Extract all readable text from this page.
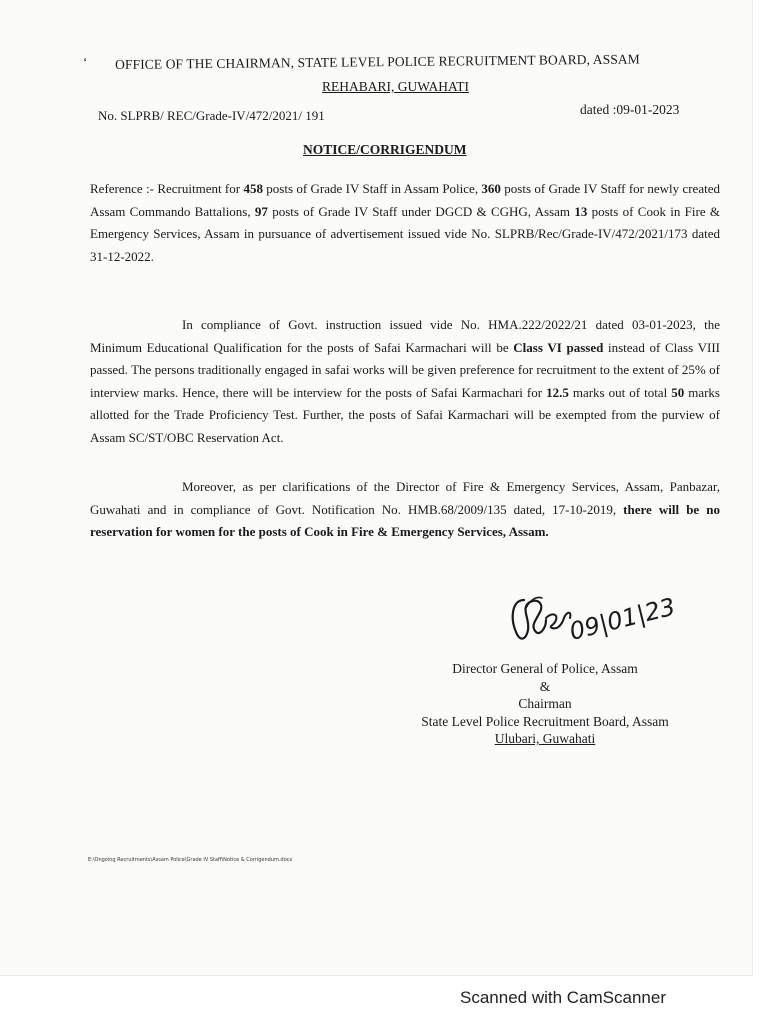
ʻ OFFICE OF THE CHAIRMAN, STATE LEVEL POLICE RECRUITMENT BOARD, ASSAM
REHABARI, GUWAHATI
No. SLPRB/ REC/Grade-IV/472/2021/ 191	dated :09-01-2023
NOTICE/CORRIGENDUM
Reference :- Recruitment for 458 posts of Grade IV Staff in Assam Police, 360 posts of Grade IV Staff for newly created Assam Commando Battalions, 97 posts of Grade IV Staff under DGCD & CGHG, Assam 13 posts of Cook in Fire & Emergency Services, Assam in pursuance of advertisement issued vide No. SLPRB/Rec/Grade-IV/472/2021/173 dated 31-12-2022.
In compliance of Govt. instruction issued vide No. HMA.222/2022/21 dated 03-01-2023, the Minimum Educational Qualification for the posts of Safai Karmachari will be Class VI passed instead of Class VIII passed. The persons traditionally engaged in safai works will be given preference for recruitment to the extent of 25% of interview marks. Hence, there will be interview for the posts of Safai Karmachari for 12.5 marks out of total 50 marks allotted for the Trade Proficiency Test. Further, the posts of Safai Karmachari will be exempted from the purview of Assam SC/ST/OBC Reservation Act.
Moreover, as per clarifications of the Director of Fire & Emergency Services, Assam, Panbazar, Guwahati and in compliance of Govt. Notification No. HMB.68/2009/135 dated, 17-10-2019, there will be no reservation for women for the posts of Cook in Fire & Emergency Services, Assam.
09|01|23
Director General of Police, Assam
&
Chairman
State Level Police Recruitment Board, Assam
Ulubari, Guwahati
E:\Ongoing Recruitments\Assam Police\Grade IV Staff\Notice & Corrigendum.docx
Scanned with CamScanner
